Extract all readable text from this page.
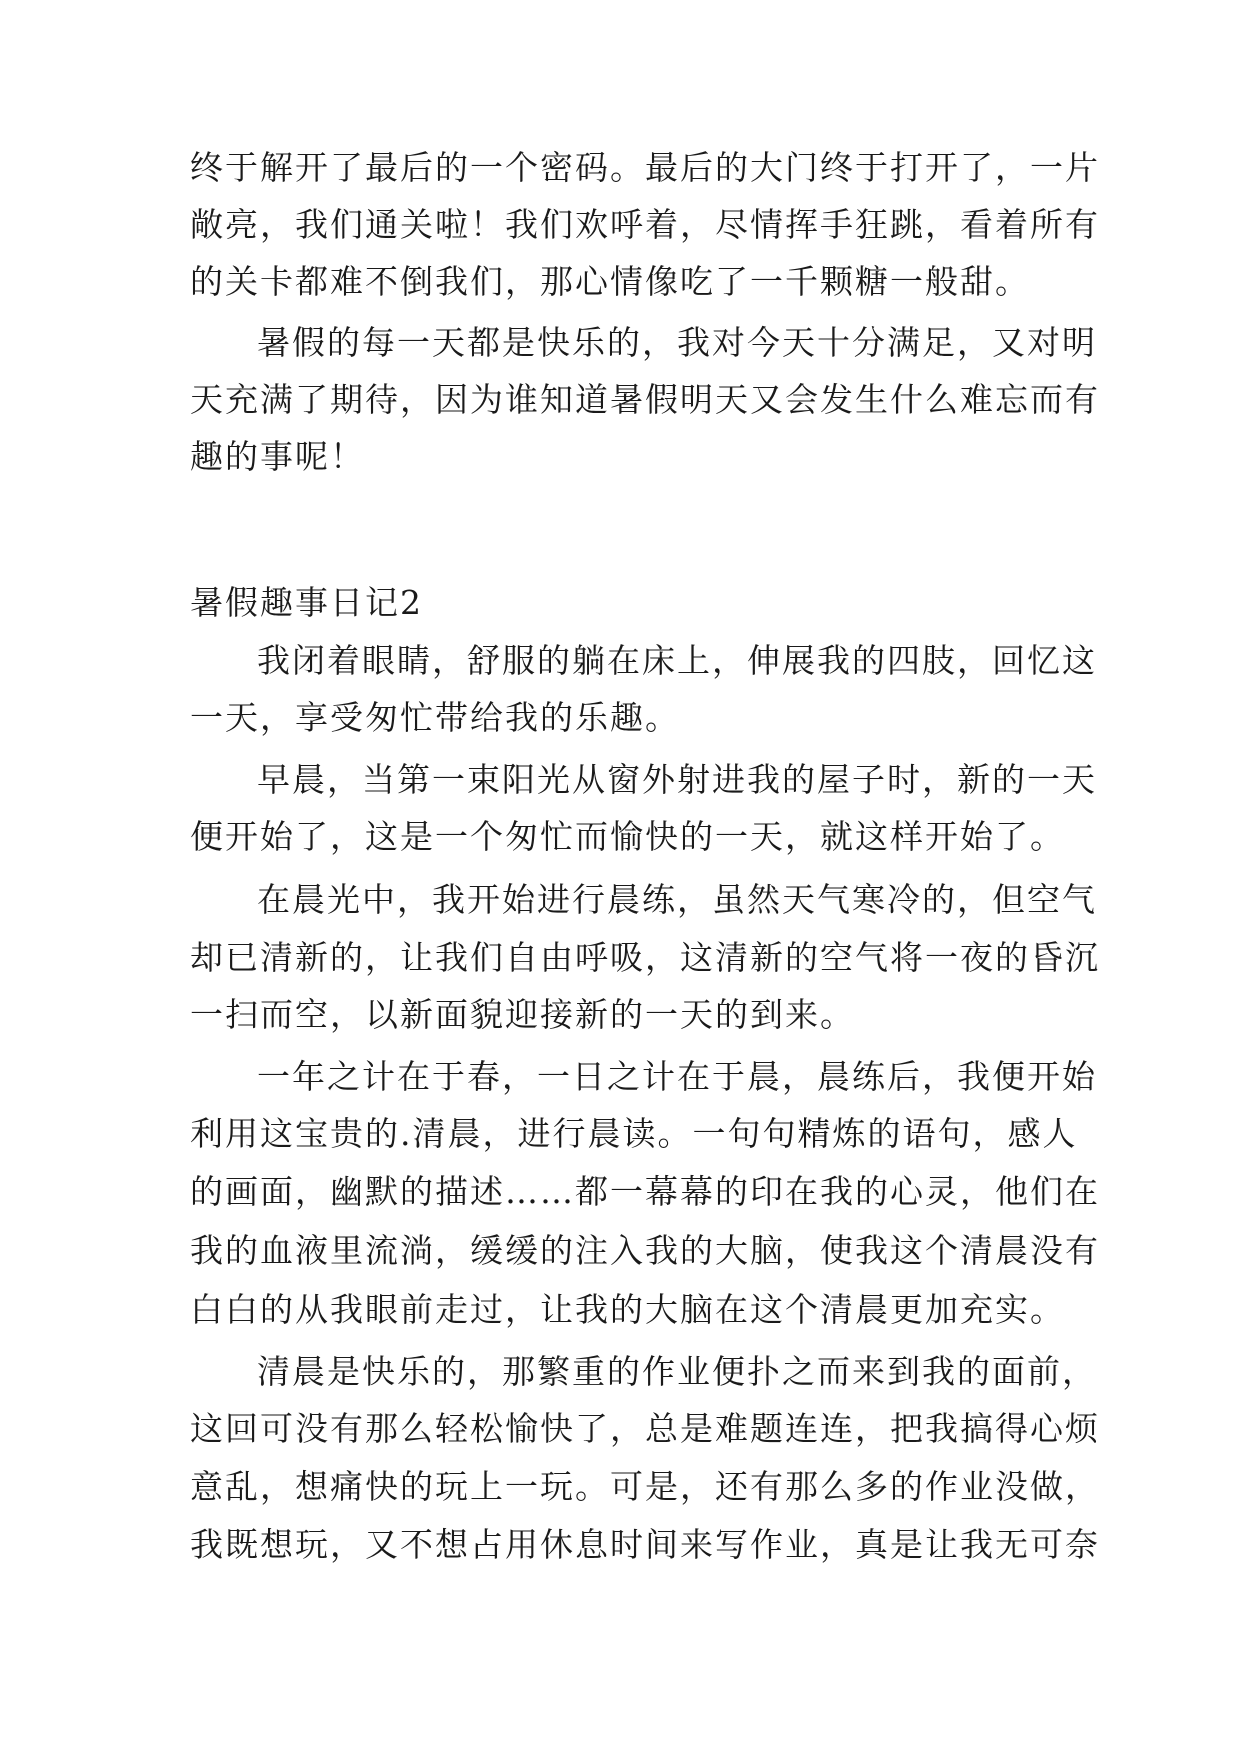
终于解开了最后的一个密码。最后的大门终于打开了，一片
敞亮，我们通关啦！我们欢呼着，尽情挥手狂跳，看着所有
的关卡都难不倒我们，那心情像吃了一千颗糖一般甜。
暑假的每一天都是快乐的，我对今天十分满足，又对明
天充满了期待，因为谁知道暑假明天又会发生什么难忘而有
趣的事呢！
暑假趣事日记2
我闭着眼睛，舒服的躺在床上，伸展我的四肢，回忆这
一天，享受匆忙带给我的乐趣。
早晨，当第一束阳光从窗外射进我的屋子时，新的一天
便开始了，这是一个匆忙而愉快的一天，就这样开始了。
在晨光中，我开始进行晨练，虽然天气寒冷的，但空气
却已清新的，让我们自由呼吸，这清新的空气将一夜的昏沉
一扫而空，以新面貌迎接新的一天的到来。
一年之计在于春，一日之计在于晨，晨练后，我便开始
利用这宝贵的.清晨，进行晨读。一句句精炼的语句，感人
的画面，幽默的描述……都一幕幕的印在我的心灵，他们在
我的血液里流淌，缓缓的注入我的大脑，使我这个清晨没有
白白的从我眼前走过，让我的大脑在这个清晨更加充实。
清晨是快乐的，那繁重的作业便扑之而来到我的面前，
这回可没有那么轻松愉快了，总是难题连连，把我搞得心烦
意乱，想痛快的玩上一玩。可是，还有那么多的作业没做，
我既想玩，又不想占用休息时间来写作业，真是让我无可奈
